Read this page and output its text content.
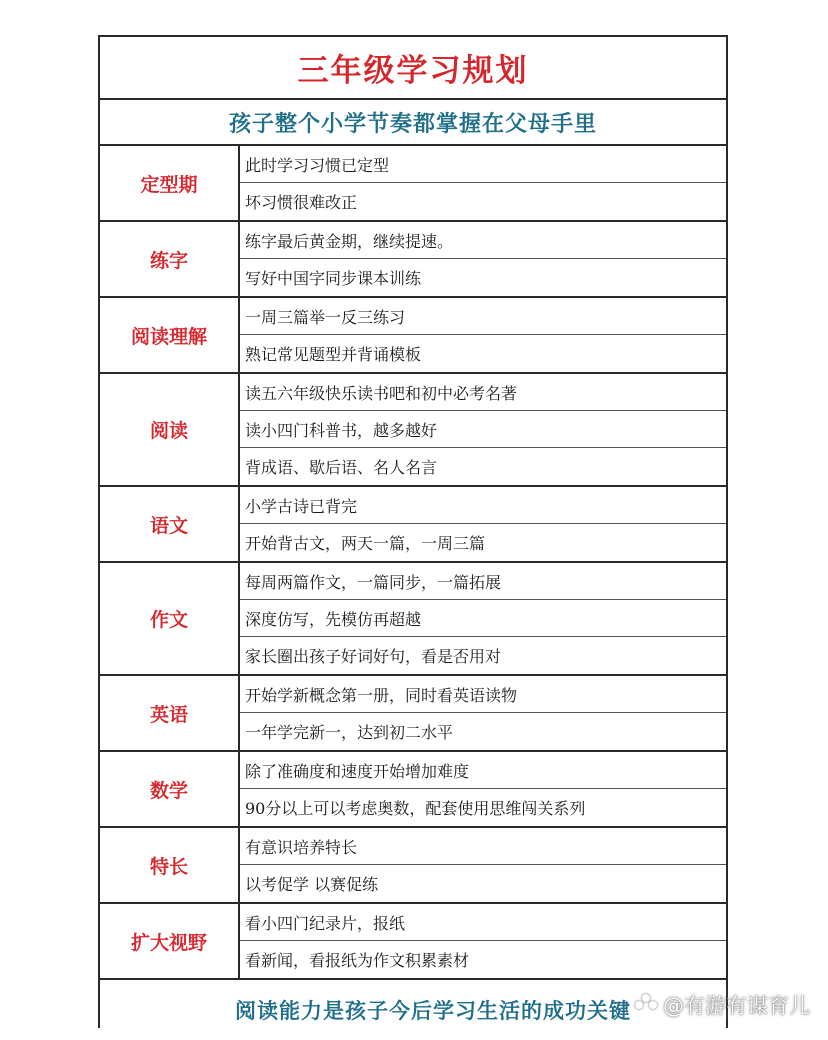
三年级学习规划
孩子整个小学节奏都掌握在父母手里
定型期
此时学习习惯已定型
坏习惯很难改正
练字
练字最后黄金期，继续提速。
写好中国字同步课本训练
阅读理解
一周三篇举一反三练习
熟记常见题型并背诵模板
阅读
读五六年级快乐读书吧和初中必考名著
读小四门科普书，越多越好
背成语、歇后语、名人名言
语文
小学古诗已背完
开始背古文，两天一篇，一周三篇
作文
每周两篇作文，一篇同步，一篇拓展
深度仿写，先模仿再超越
家长圈出孩子好词好句，看是否用对
英语
开始学新概念第一册，同时看英语读物
一年学完新一，达到初二水平
数学
除了准确度和速度开始增加难度
90分以上可以考虑奥数，配套使用思维闯关系列
特长
有意识培养特长
以考促学 以赛促练
扩大视野
看小四门纪录片，报纸
看新闻，看报纸为作文积累素材
阅读能力是孩子今后学习生活的成功关键 @有游有谋育儿
